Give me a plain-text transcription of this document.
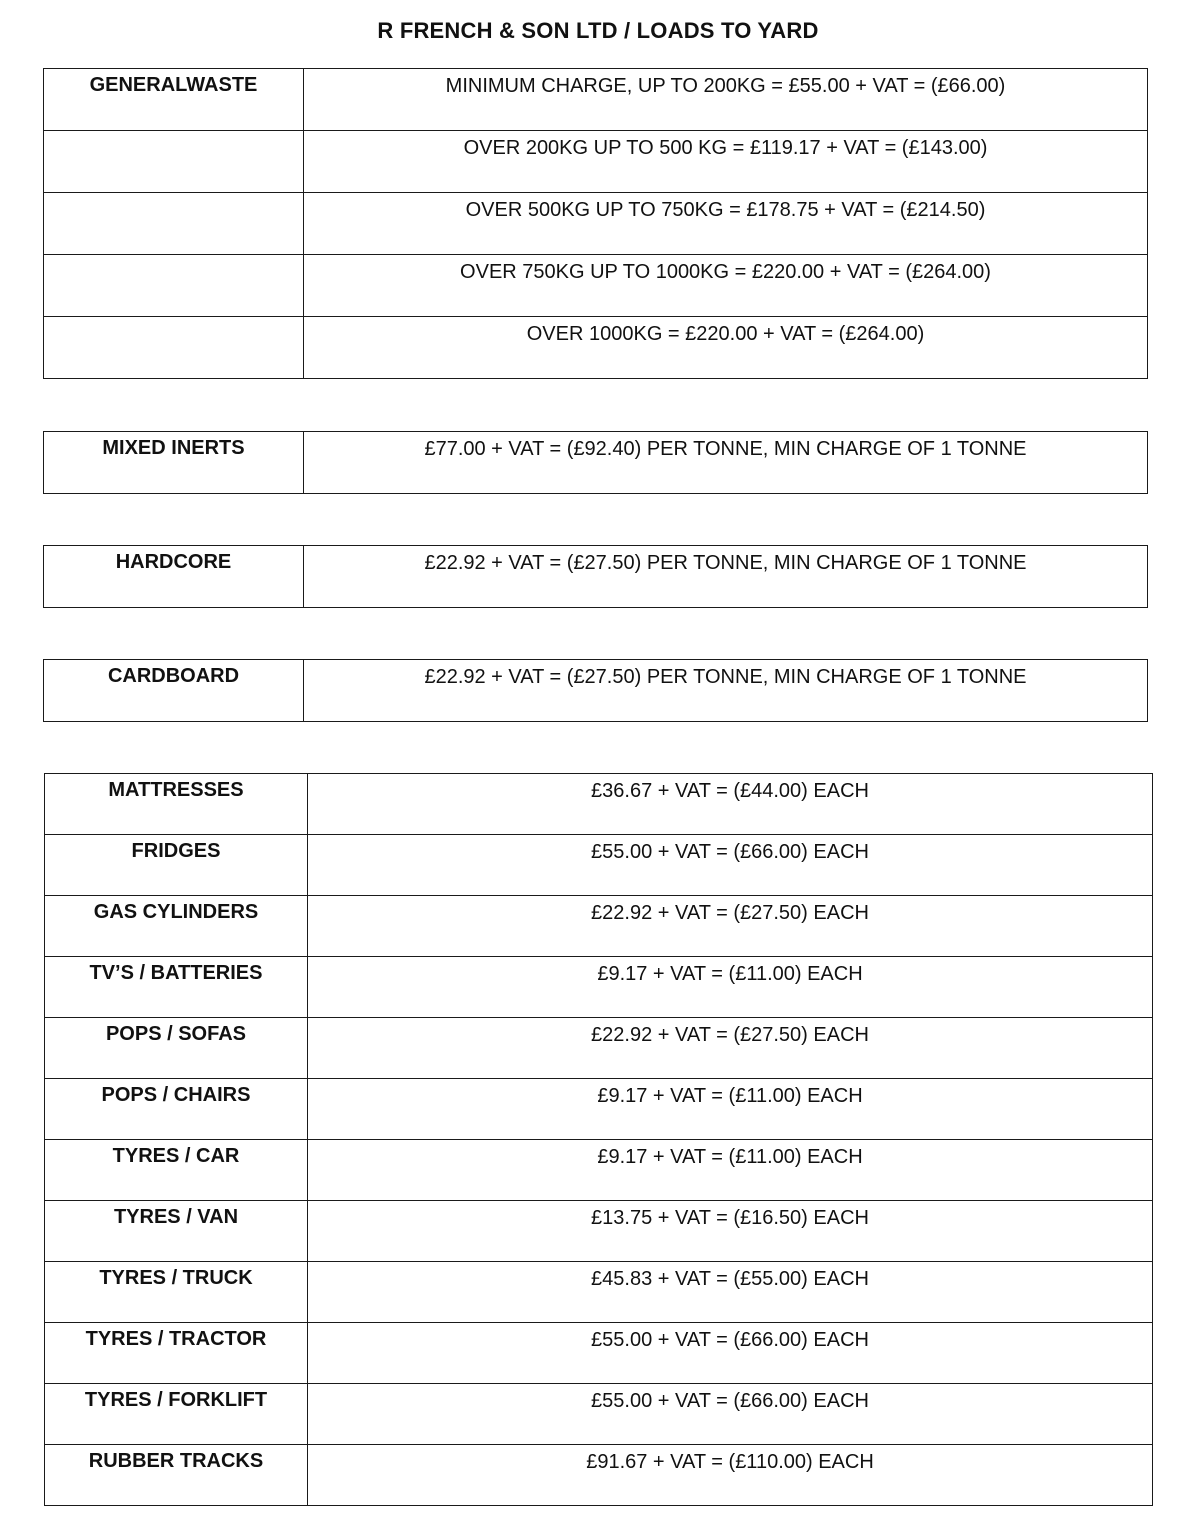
R FRENCH & SON LTD / LOADS TO YARD
GENERALWASTE	MINIMUM CHARGE, UP TO 200KG = £55.00 + VAT = (£66.00)
	OVER 200KG UP TO 500 KG = £119.17 + VAT = (£143.00)
	OVER 500KG UP TO 750KG = £178.75 + VAT = (£214.50)
	OVER 750KG UP TO 1000KG = £220.00 + VAT = (£264.00)
	OVER 1000KG = £220.00 + VAT = (£264.00)
MIXED INERTS	£77.00 + VAT = (£92.40) PER TONNE, MIN CHARGE OF 1 TONNE
HARDCORE	£22.92 + VAT = (£27.50) PER TONNE, MIN CHARGE OF 1 TONNE
CARDBOARD	£22.92 + VAT = (£27.50) PER TONNE, MIN CHARGE OF 1 TONNE
MATTRESSES	£36.67 + VAT = (£44.00) EACH
FRIDGES	£55.00 + VAT = (£66.00) EACH
GAS CYLINDERS	£22.92 + VAT = (£27.50) EACH
TV’S / BATTERIES	£9.17 + VAT = (£11.00) EACH
POPS / SOFAS	£22.92 + VAT = (£27.50) EACH
POPS / CHAIRS	£9.17 + VAT = (£11.00) EACH
TYRES / CAR	£9.17 + VAT = (£11.00) EACH
TYRES / VAN	£13.75 + VAT = (£16.50) EACH
TYRES / TRUCK	£45.83 + VAT = (£55.00) EACH
TYRES / TRACTOR	£55.00 + VAT = (£66.00) EACH
TYRES / FORKLIFT	£55.00 + VAT = (£66.00) EACH
RUBBER TRACKS	£91.67 + VAT = (£110.00) EACH
